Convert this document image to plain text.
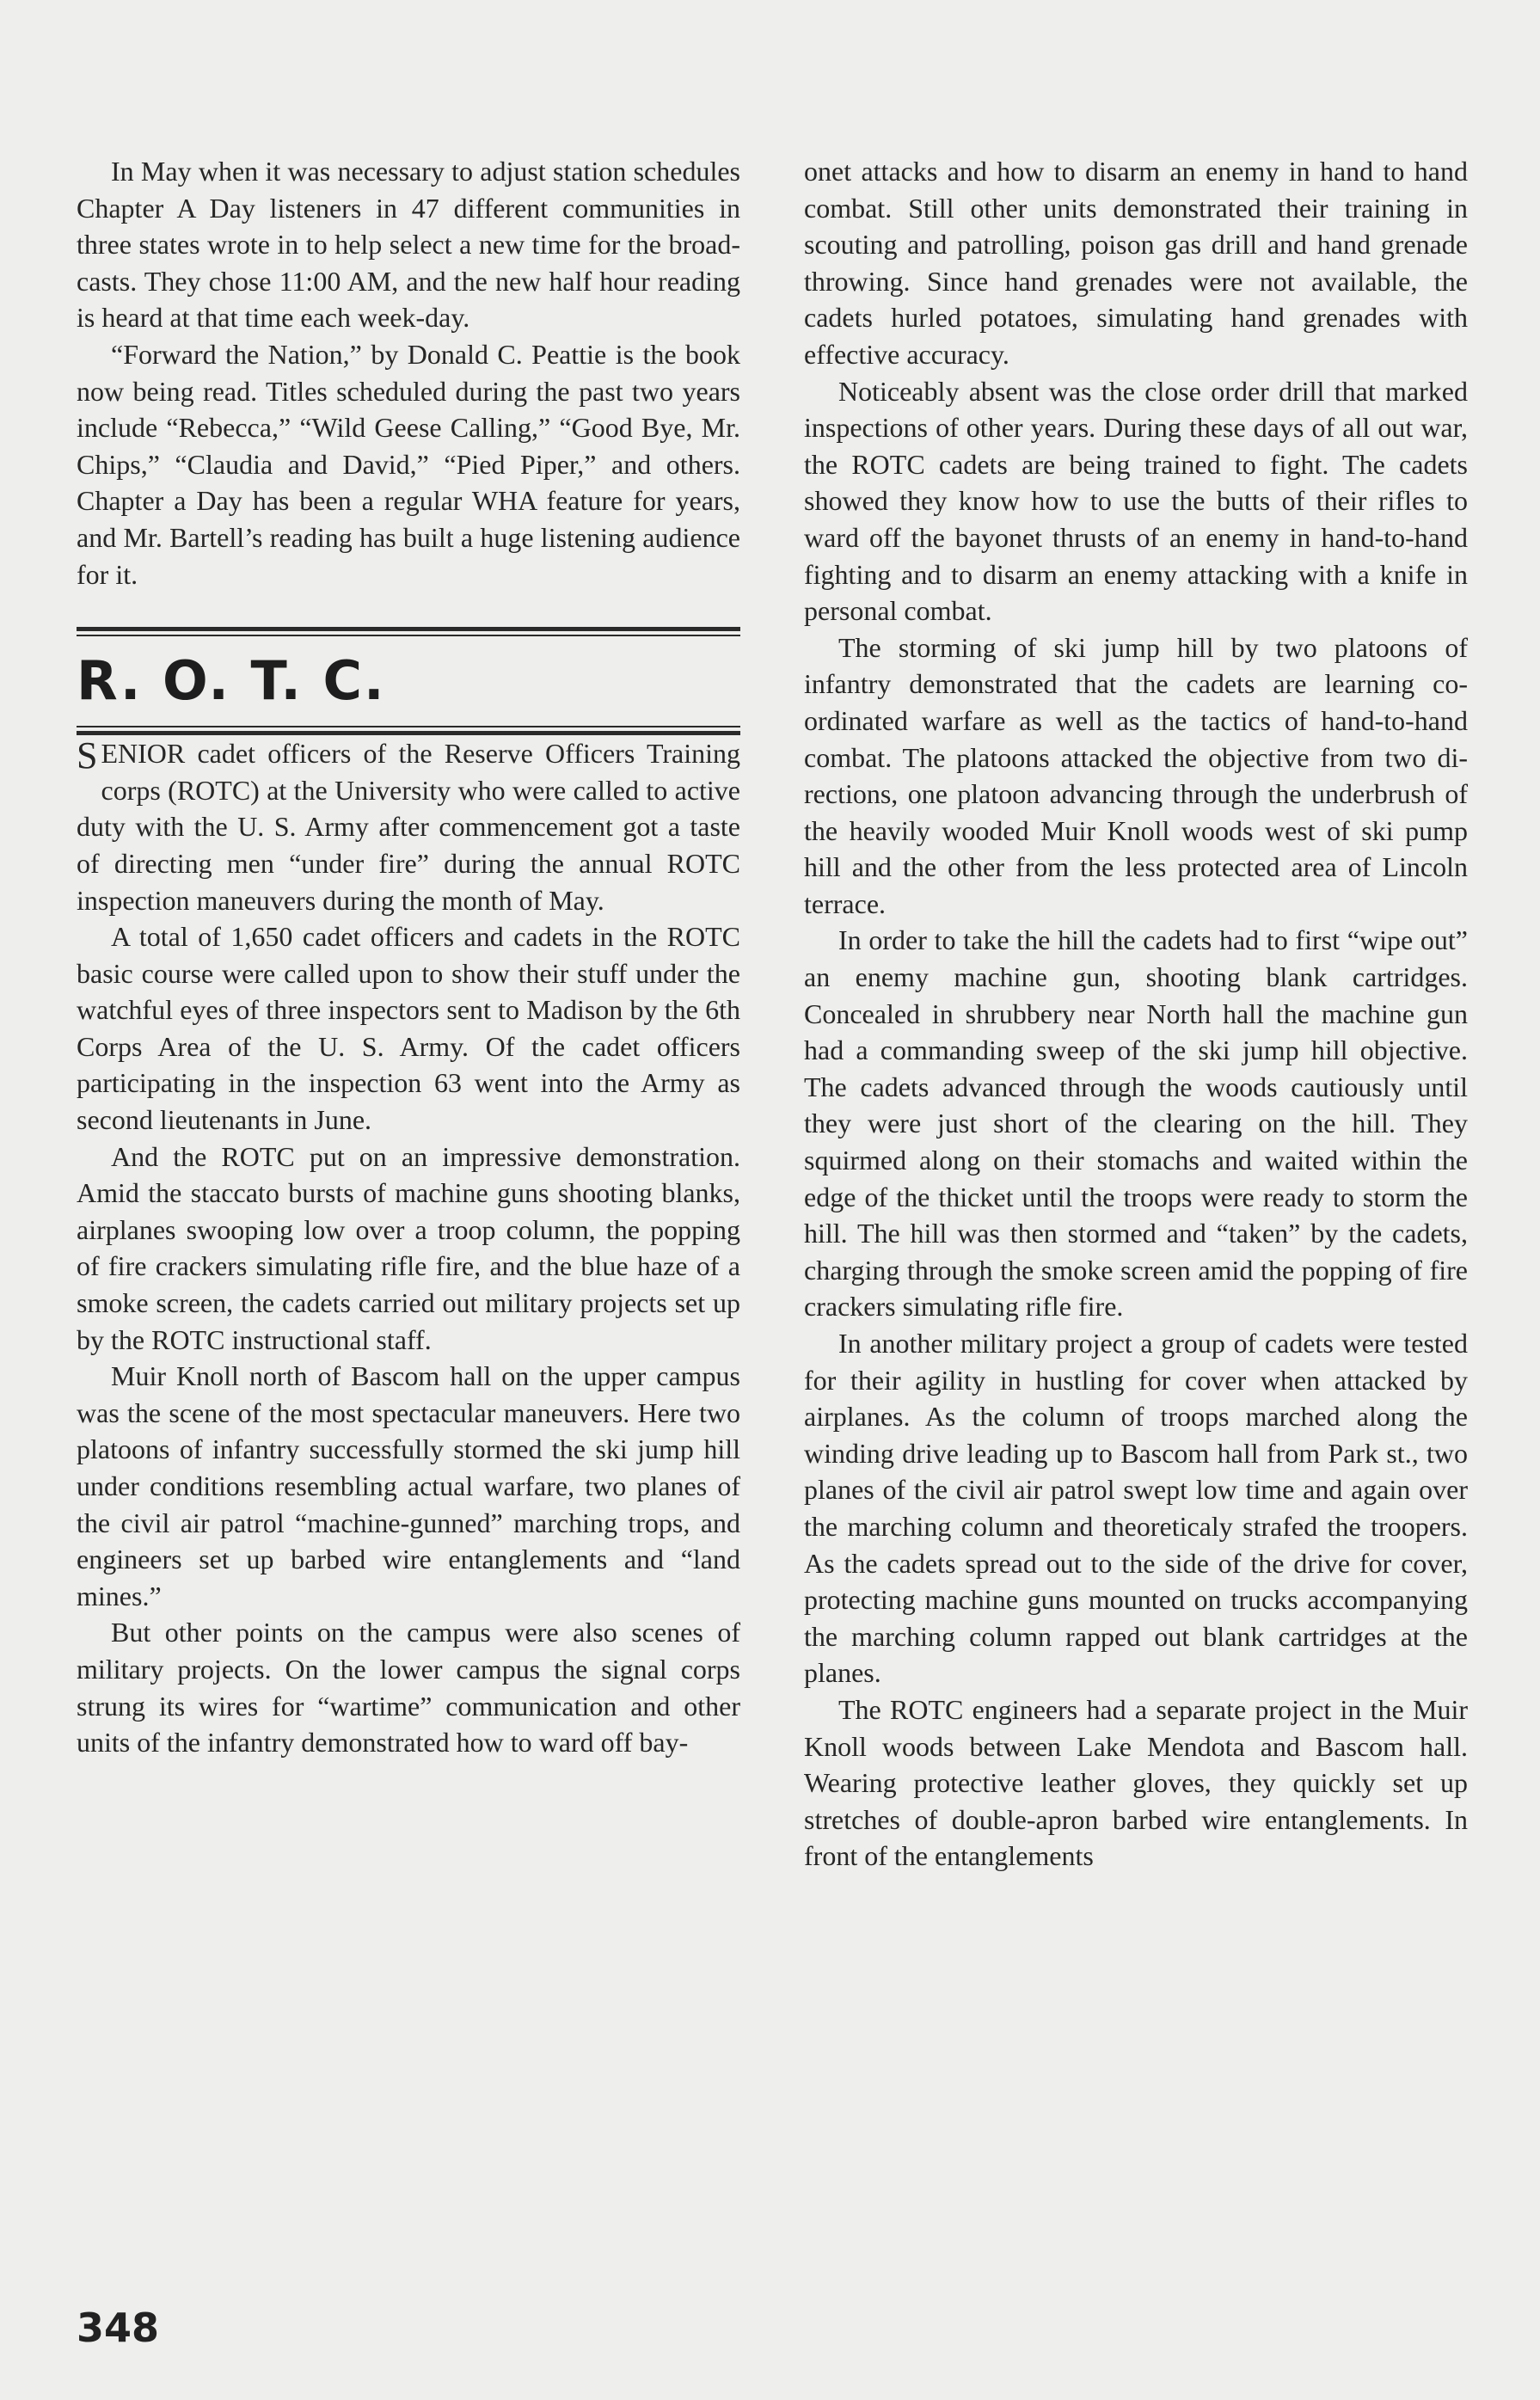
In May when it was necessary to adjust station schedules Chapter A Day listeners in 47 different communities in three states wrote in to help select a new time for the broadcasts. They chose 11:00 AM, and the new half hour reading is heard at that time each week-day.

“Forward the Nation,” by Donald C. Peattie is the book now being read. Titles scheduled during the past two years include “Rebecca,” “Wild Geese Calling,” “Good Bye, Mr. Chips,” “Claudia and David,” “Pied Piper,” and others. Chapter a Day has been a regular WHA feature for years, and Mr. Bartell’s reading has built a huge listening audience for it.

R. O. T. C.

S ENIOR cadet officers of the Reserve Officers Training corps (ROTC) at the University who were called to active duty with the U. S. Army after commencement got a taste of directing men “under fire” during the annual ROTC inspection maneuvers during the month of May.

A total of 1,650 cadet officers and cadets in the ROTC basic course were called upon to show their stuff under the watchful eyes of three inspectors sent to Madison by the 6th Corps Area of the U. S. Army. Of the cadet officers participating in the inspection 63 went into the Army as second lieutenants in June.

And the ROTC put on an impressive demonstration. Amid the staccato bursts of machine guns shooting blanks, airplanes swooping low over a troop column, the popping of fire crackers simulating rifle fire, and the blue haze of a smoke screen, the cadets carried out military projects set up by the ROTC instructional staff.

Muir Knoll north of Bascom hall on the upper campus was the scene of the most spectacular maneuvers. Here two platoons of infantry successfully stormed the ski jump hill under conditions resembling actual warfare, two planes of the civil air patrol “machine-gunned” marching trops, and engineers set up barbed wire entanglements and “land mines.”

But other points on the campus were also scenes of military projects. On the lower campus the signal corps strung its wires for “wartime” communication and other units of the infantry demonstrated how to ward off bay-

onet attacks and how to disarm an enemy in hand to hand combat. Still other units demonstrated their training in scouting and patrolling, poison gas drill and hand grenade throwing. Since hand grenades were not available, the cadets hurled potatoes, simulating hand grenades with effective accuracy.

Noticeably absent was the close order drill that marked inspections of other years. During these days of all out war, the ROTC cadets are being trained to fight. The cadets showed they know how to use the butts of their rifles to ward off the bayonet thrusts of an enemy in hand-to-hand fighting and to disarm an enemy attacking with a knife in personal combat.

The storming of ski jump hill by two platoons of infantry demonstrated that the cadets are learning co-ordinated warfare as well as the tactics of hand-to-hand combat. The platoons attacked the objective from two directions, one platoon advancing through the underbrush of the heavily wooded Muir Knoll woods west of ski pump hill and the other from the less protected area of Lincoln terrace.

In order to take the hill the cadets had to first “wipe out” an enemy machine gun, shooting blank cartridges. Concealed in shrubbery near North hall the machine gun had a commanding sweep of the ski jump hill objective. The cadets advanced through the woods cautiously until they were just short of the clearing on the hill. They squirmed along on their stomachs and waited within the edge of the thicket until the troops were ready to storm the hill. The hill was then stormed and “taken” by the cadets, charging through the smoke screen amid the popping of fire crackers simulating rifle fire.

In another military project a group of cadets were tested for their agility in hustling for cover when attacked by airplanes. As the column of troops marched along the winding drive leading up to Bascom hall from Park st., two planes of the civil air patrol swept low time and again over the marching column and theoreticaly strafed the troopers. As the cadets spread out to the side of the drive for cover, protecting machine guns mounted on trucks accompanying the marching column rapped out blank cartridges at the planes.

The ROTC engineers had a separate project in the Muir Knoll woods between Lake Mendota and Bascom hall. Wearing protective leather gloves, they quickly set up stretches of double-apron barbed wire entanglements. In front of the entanglements

348
